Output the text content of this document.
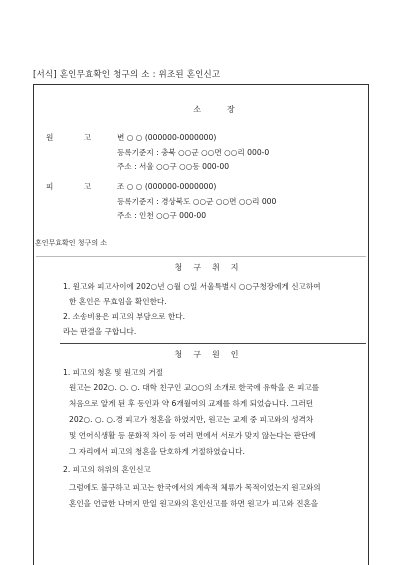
[서식] 혼인무효확인 청구의 소 : 위조된 혼인신고
소장
원 고 변 ○ ○ (000000-0000000)
등록기준지 : 충북 ○○군 ○○면 ○○리 000-0
주소 : 서울 ○○구 ○○동 000-00
피 고 조 ○ ○ (000000-0000000)
등록기준지 : 경상북도 ○○군 ○○면 ○○리 000
주소 : 인천 ○○구 000-00
혼인무효확인 청구의 소
청구취지
1. 원고와 피고사이에 202○년 ○월 ○일 서울특별시 ○○구청장에게 신고하여
한 혼인은 무효임을 확인한다.
2. 소송비용은 피고의 부담으로 한다.
라는 판결을 구합니다.
청구원인
1. 피고의 청혼 및 원고의 거절
원고는 202○. ○. ○. 대학 친구인 교○○의 소개로 한국에 유학을 온 피고를
처음으로 알게 된 후 동인과 약 6개월여의 교제를 하게 되었습니다. 그러던
202○. ○. ○.경 피고가 청혼을 하였지만, 원고는 교제 중 피고와의 성격차
및 언어식생활 등 문화적 차이 등 여러 면에서 서로가 맞지 않는다는 판단에
그 자리에서 피고의 청혼을 단호하게 거절하였습니다.
2. 피고의 허위의 혼인신고
그럼에도 불구하고 피고는 한국에서의 계속적 체류가 목적이었는지 원고와의
혼인을 언급한 나머지 만일 원고와의 혼인신고를 하면 원고가 피고와 진혼을
